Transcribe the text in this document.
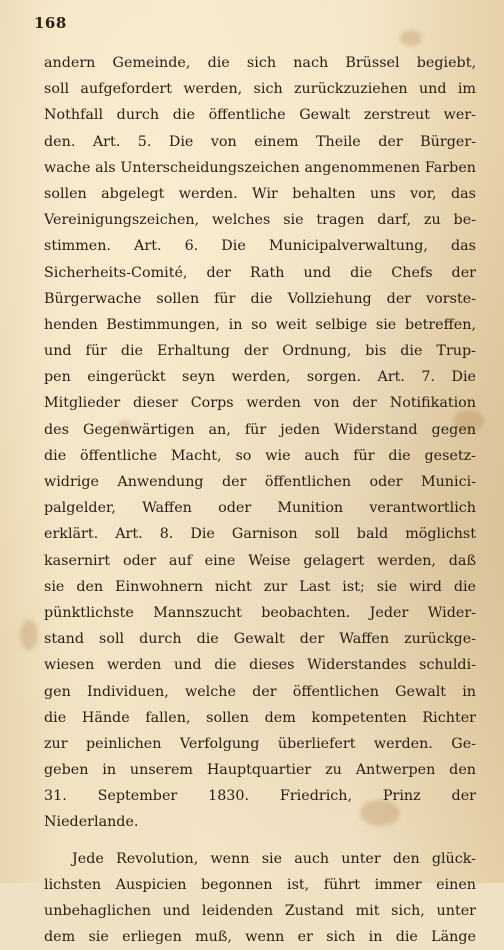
168
andern Gemeinde, die sich nach Brüssel begiebt,
soll aufgefordert werden, sich zurückzuziehen und im
Nothfall durch die öffentliche Gewalt zerstreut wer-
den. Art. 5. Die von einem Theile der Bürger-
wache als Unterscheidungszeichen angenommenen Farben
sollen abgelegt werden. Wir behalten uns vor, das
Vereinigungszeichen, welches sie tragen darf, zu be-
stimmen. Art. 6. Die Municipalverwaltung, das
Sicherheits-Comité, der Rath und die Chefs der
Bürgerwache sollen für die Vollziehung der vorste-
henden Bestimmungen, in so weit selbige sie betreffen,
und für die Erhaltung der Ordnung, bis die Trup-
pen eingerückt seyn werden, sorgen. Art. 7. Die
Mitglieder dieser Corps werden von der Notifikation
des Gegenwärtigen an, für jeden Widerstand gegen
die öffentliche Macht, so wie auch für die gesetz-
widrige Anwendung der öffentlichen oder Munici-
palgelder, Waffen oder Munition verantwortlich
erklärt. Art. 8. Die Garnison soll bald möglichst
kasernirt oder auf eine Weise gelagert werden, daß
sie den Einwohnern nicht zur Last ist; sie wird die
pünktlichste Mannszucht beobachten. Jeder Wider-
stand soll durch die Gewalt der Waffen zurückge-
wiesen werden und die dieses Widerstandes schuldi-
gen Individuen, welche der öffentlichen Gewalt in
die Hände fallen, sollen dem kompetenten Richter
zur peinlichen Verfolgung überliefert werden. Ge-
geben in unserem Hauptquartier zu Antwerpen den
31. September 1830. Friedrich, Prinz der
Niederlande.
Jede Revolution, wenn sie auch unter den glück-
lichsten Auspicien begonnen ist, führt immer einen
unbehaglichen und leidenden Zustand mit sich, unter
dem sie erliegen muß, wenn er sich in die Länge
